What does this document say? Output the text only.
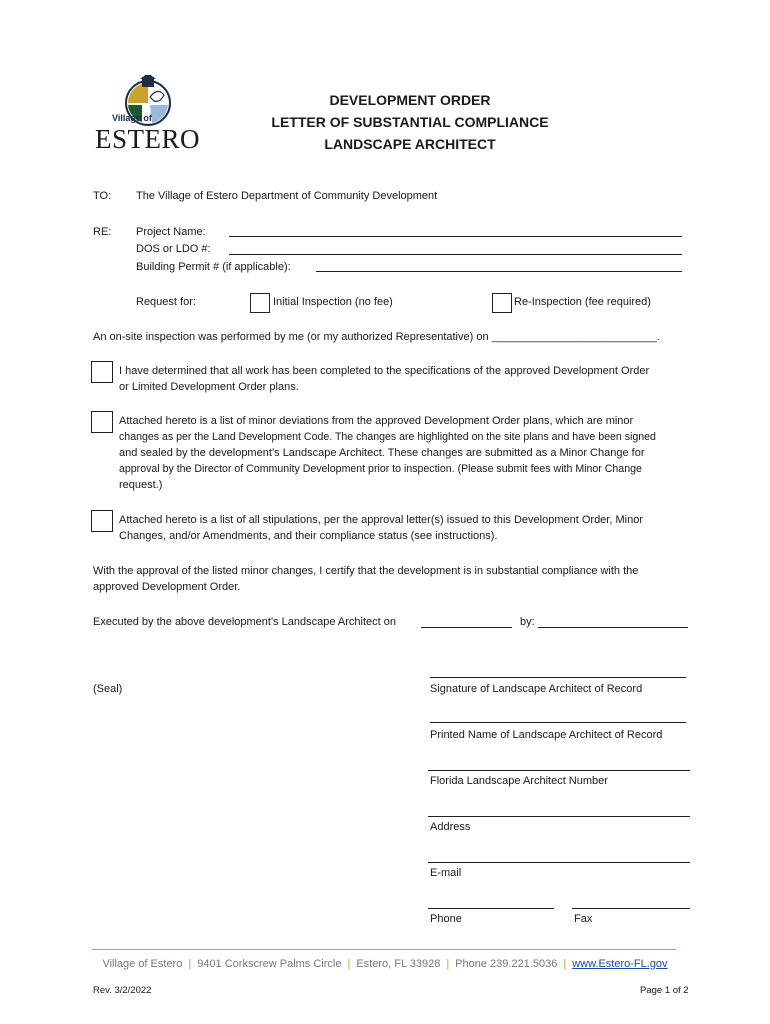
Village of
ESTERO
DEVELOPMENT ORDER
LETTER OF SUBSTANTIAL COMPLIANCE
LANDSCAPE ARCHITECT
TO: The Village of Estero Department of Community Development
RE: Project Name:
DOS or LDO #:
Building Permit # (if applicable):
Request for:	Initial Inspection (no fee)	Re-Inspection (fee required)
An on-site inspection was performed by me (or my authorized Representative) on ___________________________.
I have determined that all work has been completed to the specifications of the approved Development Order
or Limited Development Order plans.
Attached hereto is a list of minor deviations from the approved Development Order plans, which are minor
changes as per the Land Development Code. The changes are highlighted on the site plans and have been signed
and sealed by the development’s Landscape Architect. These changes are submitted as a Minor Change for
approval by the Director of Community Development prior to inspection. (Please submit fees with Minor Change
request.)
Attached hereto is a list of all stipulations, per the approval letter(s) issued to this Development Order, Minor
Changes, and/or Amendments, and their compliance status (see instructions).
With the approval of the listed minor changes, I certify that the development is in substantial compliance with the
approved Development Order.
Executed by the above development's Landscape Architect on	by:
(Seal)	Signature of Landscape Architect of Record
Printed Name of Landscape Architect of Record
Florida Landscape Architect Number
Address
E-mail
Phone	Fax
Village of Estero | 9401 Corkscrew Palms Circle | Estero, FL 33928 | Phone 239.221.5036 | www.Estero-FL.gov
Rev. 3/2/2022	Page 1 of 2
